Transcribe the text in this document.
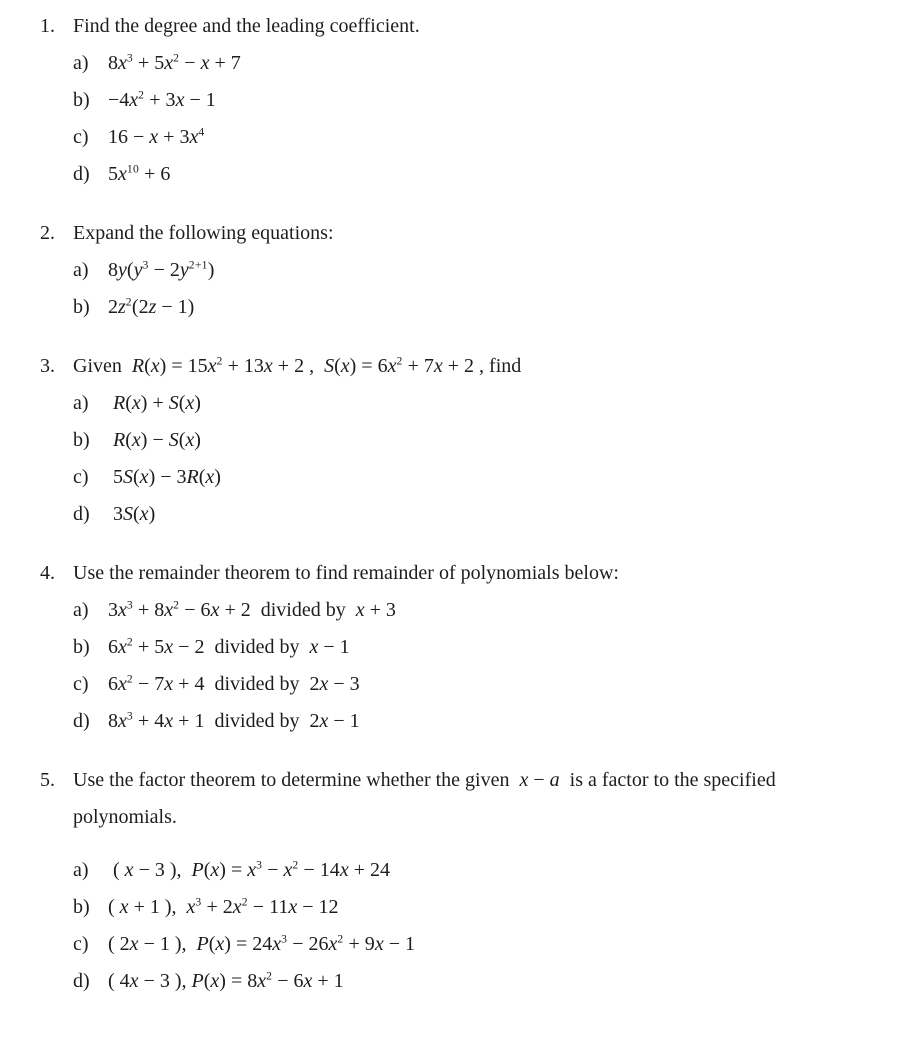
1. Find the degree and the leading coefficient.
a) $8x^3 + 5x^2 - x + 7$
$b) -4x^2 + 3x - 1$
c) $16 - x + 3x^4$
d) $5x^{10} + 6$
2. Expand the following equations:
a) $8y(y^3 - 2y^{2+1})$
b) $2z^2(2z - 1)$
3. Given  $R(x) = 15x^2 + 13x + 2$ ,  $S(x) = 6x^2 + 7x + 2$ , find
a)	R(x) + S(x)
b)	R(x) − S(x)
c) 5S(x) − 3R(x)
d) 3S(x)
4. Use the remainder theorem to find remainder of polynomials below:
a) $3x^3 + 8x^2 - 6x + 2$  divided by  x + 3
b) $6x^2 + 5x - 2$  divided by  x − 1
c) $6x^2 - 7x + 4$  divided by  2x − 3
d) $8x^3 + 4x + 1$  divided by  2x − 1
5. Use the factor theorem to determine whether the given  x − a  is a factor to the specified
polynomials.
a) ( x − 3 ),  $P(x) = x^3 - x^2 - 14x + 24$
b) ( x + 1 ),  $x^3 + 2x^2 - 11x - 12$
c) ( 2x − 1 ),  $P(x) = 24x^3 - 26x^2 + 9x - 1$
d) ( 4x − 3 ), $P(x) = 8x^2 - 6x + 1$
